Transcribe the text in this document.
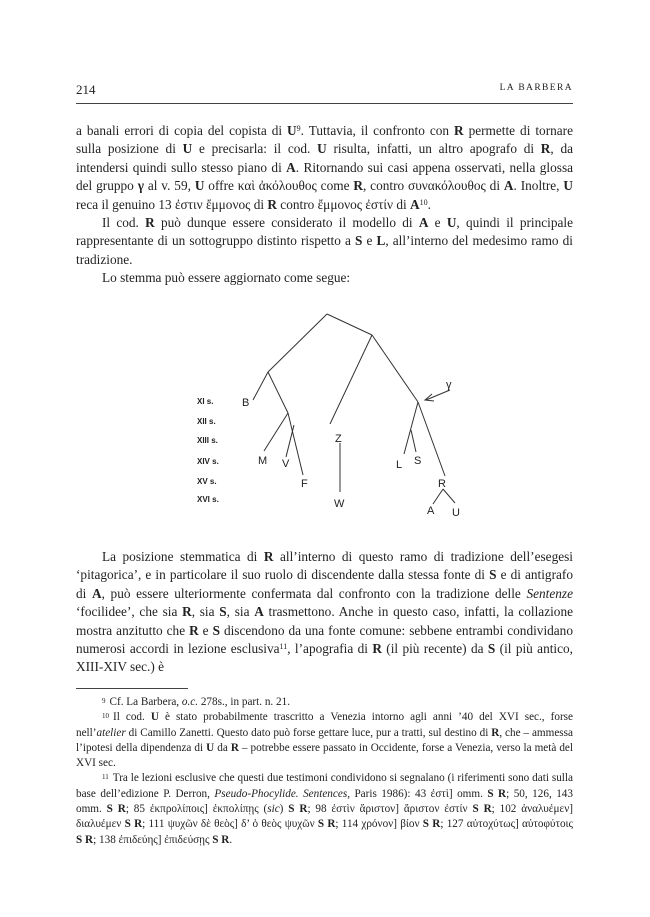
214	LA BARBERA

a banali errori di copia del copista di $U^9$. Tuttavia, il confronto con R permette di tornare sulla posizione di U e precisarla: il cod. U risulta, infatti, un altro apografo di R, da intendersi quindi sullo stesso piano di A. Ritornando sui casi appena osservati, nella glossa del gruppo γ al v. 59, U offre καὶ ἀκόλουθος come R, contro συνακόλουθος di A. Inoltre, U reca il genuino 13 ἐστιν ἔμμονος di R contro ἔμμονος ἐστίν di $A^{10}$.

Il cod. R può dunque essere considerato il modello di A e U, quindi il principale rappresentante di un sottogruppo distinto rispetto a S e L, all’interno del medesimo ramo di tradizione.

Lo stemma può essere aggiornato come segue:

XI s.
XII s.
XIII s.
XIV s.
XV s.
XVI s.
B
M V
F
Z
W
L S
R
A U
γ

La posizione stemmatica di R all’interno di questo ramo di tradizione dell’esegesi ‘pitagorica’, e in particolare il suo ruolo di discendente dalla stessa fonte di S e di antigrafo di A, può essere ulteriormente confermata dal confronto con la tradizione delle Sentenze ‘focilidee’, che sia R, sia S, sia A trasmettono. Anche in questo caso, infatti, la collazione mostra anzitutto che R e S discendono da una fonte comune: sebbene entrambi condividano numerosi accordi in lezione esclusiva$^{11}$, l’apografia di R (il più recente) da S (il più antico, XIII-XIV sec.) è

$^9$ Cf. La Barbera, o.c. 278s., in part. n. 21.

$^{10}$ Il cod. U è stato probabilmente trascritto a Venezia intorno agli anni ’40 del XVI sec., forse nell’atelier di Camillo Zanetti. Questo dato può forse gettare luce, pur a tratti, sul destino di R, che – ammessa l’ipotesi della dipendenza di U da R – potrebbe essere passato in Occidente, forse a Venezia, verso la metà del XVI sec.

$^{11}$ Tra le lezioni esclusive che questi due testimoni condividono si segnalano (i riferimenti sono dati sulla base dell’edizione P. Derron, Pseudo-Phocylide. Sentences, Paris 1986): 43 ἐστὶ] omm. S R; 50, 126, 143 omm. S R; 85 ἐκπρολίποις] ἐκπολίπῃς (sic) S R; 98 ἐστὶν ἄριστον] ἄριστον ἐστίν S R; 102 ἀναλυέμεν] διαλυέμεν S R; 111 ψυχῶν δὲ θεὸς] δ’ ὁ θεὸς ψυχῶν S R; 114 χρόνον] βίον S R; 127 αὐτοχύτως] αὐτοφύτοις S R; 138 ἐπιδεύης] ἐπιδεύσῃς S R.
